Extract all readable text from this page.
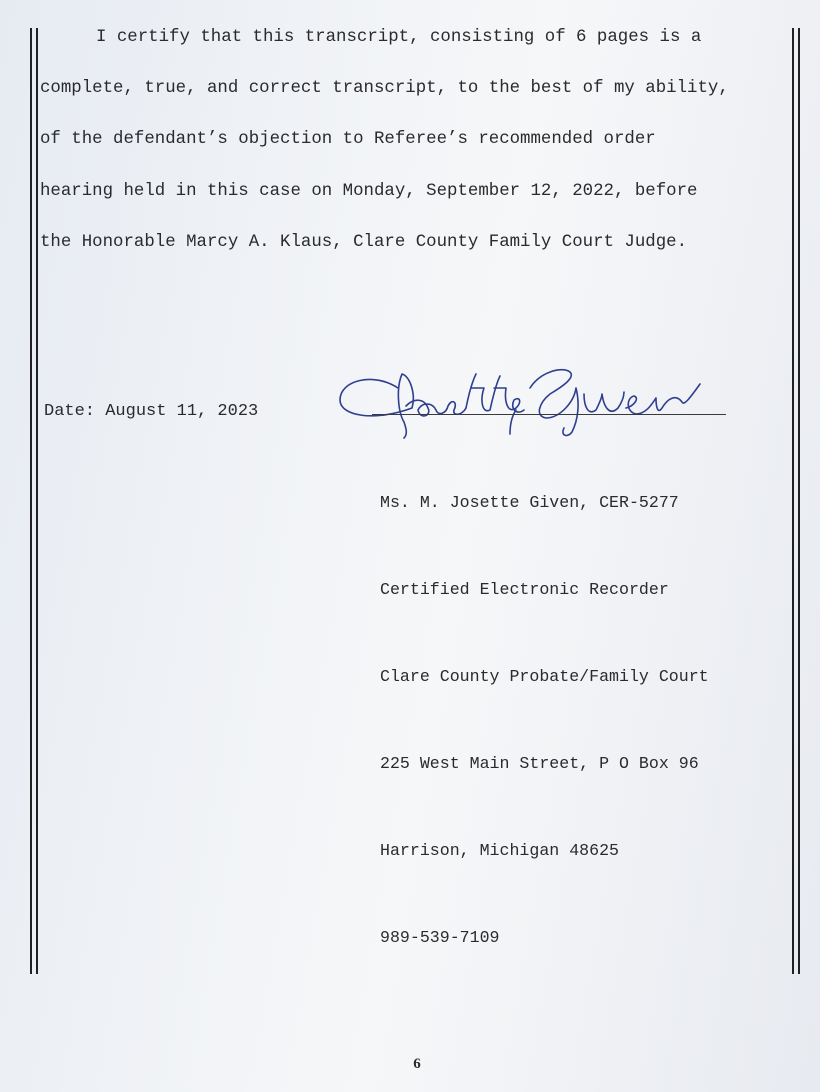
I certify that this transcript, consisting of 6 pages is a
complete, true, and correct transcript, to the best of my ability,
of the defendant’s objection to Referee’s recommended order
hearing held in this case on Monday, September 12, 2022, before
the Honorable Marcy A. Klaus, Clare County Family Court Judge.
Date: August 11, 2023

Ms. M. Josette Given, CER-5277

Certified Electronic Recorder

Clare County Probate/Family Court

225 West Main Street, P O Box 96

Harrison, Michigan 48625

989-539-7109

6
